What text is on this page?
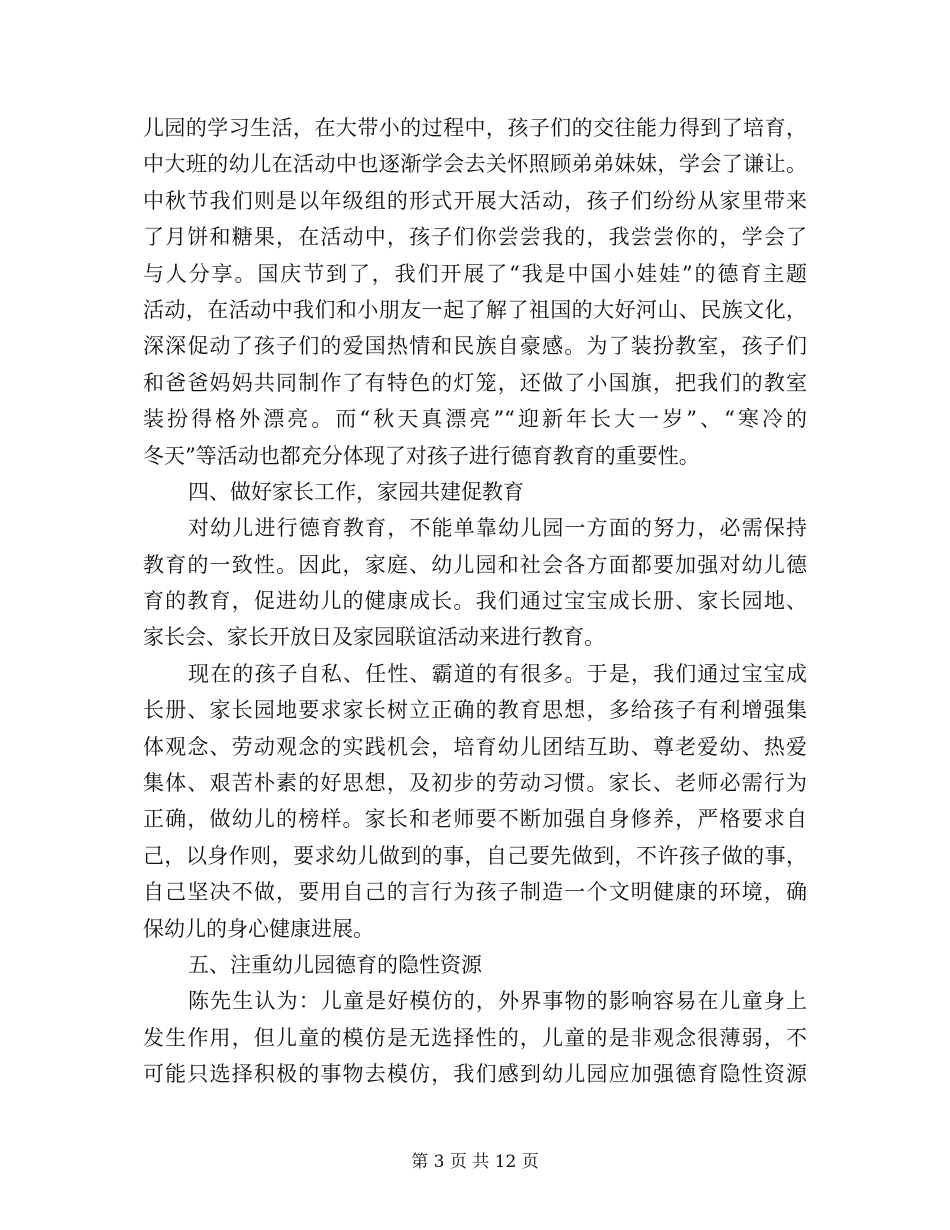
儿园的学习生活，在大带小的过程中，孩子们的交往能力得到了培育，
中大班的幼儿在活动中也逐渐学会去关怀照顾弟弟妹妹，学会了谦让。
中秋节我们则是以年级组的形式开展大活动，孩子们纷纷从家里带来
了月饼和糖果，在活动中，孩子们你尝尝我的，我尝尝你的，学会了
与人分享。国庆节到了，我们开展了“我是中国小娃娃”的德育主题
活动，在活动中我们和小朋友一起了解了祖国的大好河山、民族文化，
深深促动了孩子们的爱国热情和民族自豪感。为了装扮教室，孩子们
和爸爸妈妈共同制作了有特色的灯笼，还做了小国旗，把我们的教室
装扮得格外漂亮。而“秋天真漂亮”“迎新年长大一岁”、“寒冷的
冬天”等活动也都充分体现了对孩子进行德育教育的重要性。
四、做好家长工作，家园共建促教育
对幼儿进行德育教育，不能单靠幼儿园一方面的努力，必需保持
教育的一致性。因此，家庭、幼儿园和社会各方面都要加强对幼儿德
育的教育，促进幼儿的健康成长。我们通过宝宝成长册、家长园地、
家长会、家长开放日及家园联谊活动来进行教育。
现在的孩子自私、任性、霸道的有很多。于是，我们通过宝宝成
长册、家长园地要求家长树立正确的教育思想，多给孩子有利增强集
体观念、劳动观念的实践机会，培育幼儿团结互助、尊老爱幼、热爱
集体、艰苦朴素的好思想，及初步的劳动习惯。家长、老师必需行为
正确，做幼儿的榜样。家长和老师要不断加强自身修养，严格要求自
己，以身作则，要求幼儿做到的事，自己要先做到，不许孩子做的事，
自己坚决不做，要用自己的言行为孩子制造一个文明健康的环境，确
保幼儿的身心健康进展。
五、注重幼儿园德育的隐性资源
陈先生认为：儿童是好模仿的，外界事物的影响容易在儿童身上
发生作用，但儿童的模仿是无选择性的，儿童的是非观念很薄弱，不
可能只选择积极的事物去模仿，我们感到幼儿园应加强德育隐性资源
第 3 页 共 12 页
